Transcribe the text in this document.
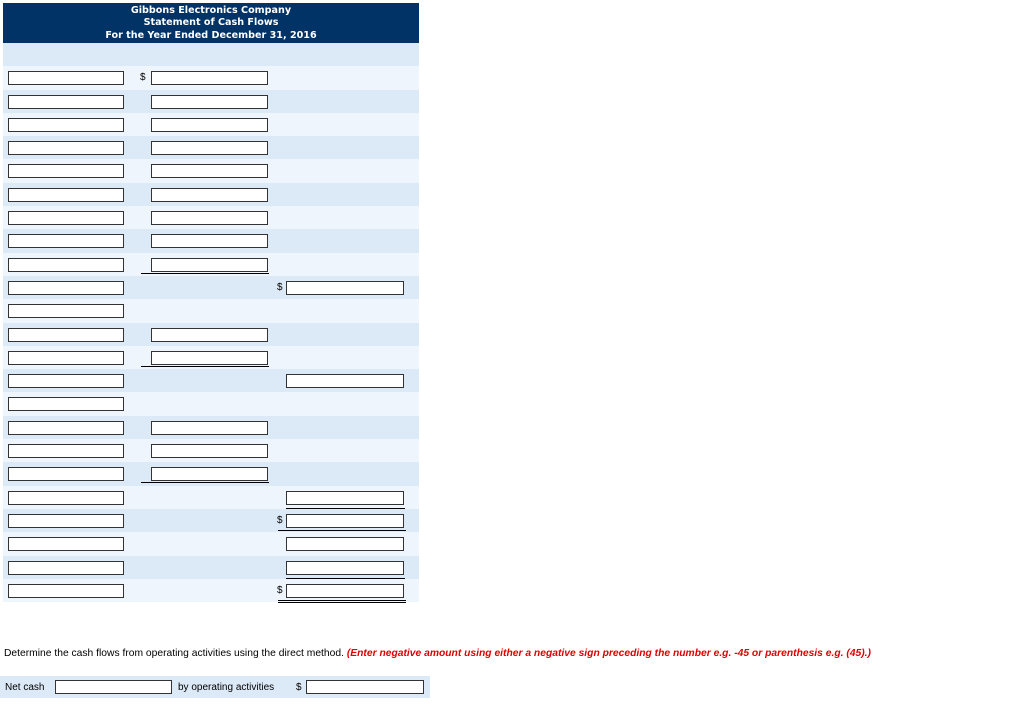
Gibbons Electronics Company
Statement of Cash Flows
For the Year Ended December 31, 2016
$
$
$
$
Determine the cash flows from operating activities using the direct method. (Enter negative amount using either a negative sign preceding the number e.g. -45 or parenthesis e.g. (45).)
Net cash	by operating activities $
